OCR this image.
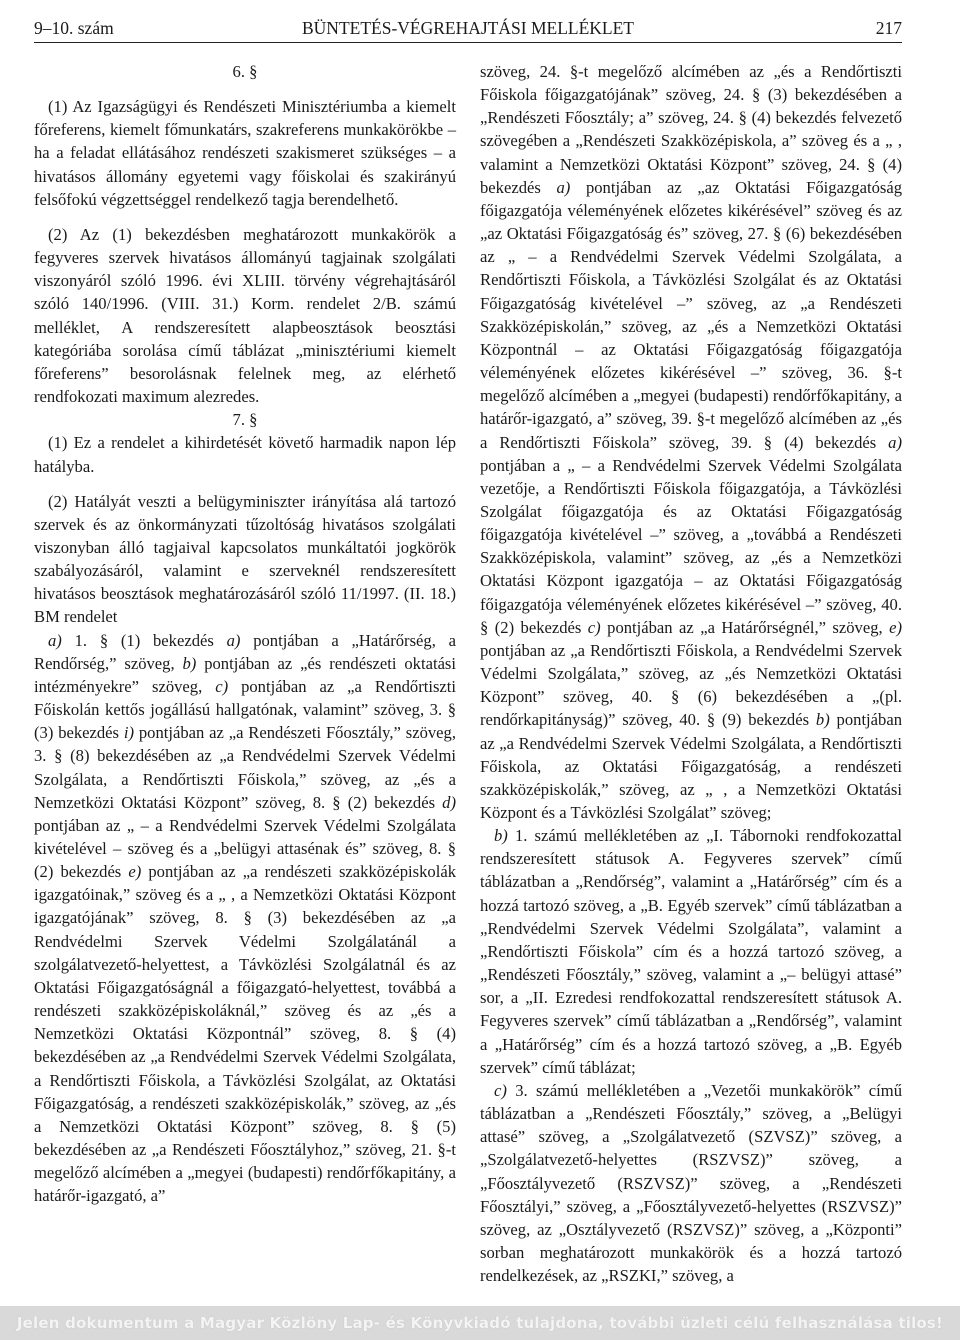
9–10. szám	BÜNTETÉS-VÉGREHAJTÁSI MELLÉKLET	217

6. §

(1) Az Igazságügyi és Rendészeti Minisztériumba a kiemelt főreferens, kiemelt főmunkatárs, szakreferens munkakörökbe – ha a feladat ellátásához rendészeti szakismeret szükséges – a hivatásos állomány egyetemi vagy főiskolai és szakirányú felsőfokú végzettséggel rendelkező tagja berendelhető.

(2) Az (1) bekezdésben meghatározott munkakörök a fegyveres szervek hivatásos állományú tagjainak szolgálati viszonyáról szóló 1996. évi XLIII. törvény végrehajtásáról szóló 140/1996. (VIII. 31.) Korm. rendelet 2/B. számú melléklet, A rendszeresített alapbeosztások beosztási kategóriába sorolása című táblázat „minisztériumi kiemelt főreferens” besorolásnak felelnek meg, az elérhető rendfokozati maximum alezredes.

7. §

(1) Ez a rendelet a kihirdetését követő harmadik napon lép hatályba.

(2) Hatályát veszti a belügyminiszter irányítása alá tartozó szervek és az önkormányzati tűzoltóság hivatásos szolgálati viszonyban álló tagjaival kapcsolatos munkáltatói jogkörök szabályozásáról, valamint e szerveknél rendszeresített hivatásos beosztások meghatározásáról szóló 11/1997. (II. 18.) BM rendelet

a) 1. § (1) bekezdés a) pontjában a „Határőrség, a Rendőrség,” szöveg, b) pontjában az „és rendészeti oktatási intézményekre” szöveg, c) pontjában az „a Rendőrtiszti Főiskolán kettős jogállású hallgatónak, valamint” szöveg, 3. § (3) bekezdés i) pontjában az „a Rendészeti Főosztály,” szöveg, 3. § (8) bekezdésében az „a Rendvédelmi Szervek Védelmi Szolgálata, a Rendőrtiszti Főiskola,” szöveg, az „és a Nemzetközi Oktatási Központ” szöveg, 8. § (2) bekezdés d) pontjában az „ – a Rendvédelmi Szervek Védelmi Szolgálata kivételével – szöveg és a „belügyi attasénak és” szöveg, 8. § (2) bekezdés e) pontjában az „a rendészeti szakközépiskolák igazgatóinak,” szöveg és a „ , a Nemzetközi Oktatási Központ igazgatójának” szöveg, 8. § (3) bekezdésében az „a Rendvédelmi Szervek Védelmi Szolgálatánál a szolgálatvezető-helyettest, a Távközlési Szolgálatnál és az Oktatási Főigazgatóságnál a főigazgató-helyettest, továbbá a rendészeti szakközépiskoláknál,” szöveg és az „és a Nemzetközi Oktatási Központnál” szöveg, 8. § (4) bekezdésében az „a Rendvédelmi Szervek Védelmi Szolgálata, a Rendőrtiszti Főiskola, a Távközlési Szolgálat, az Oktatási Főigazgatóság, a rendészeti szakközépiskolák,” szöveg, az „és a Nemzetközi Oktatási Központ” szöveg, 8. § (5) bekezdésében az „a Rendészeti Főosztályhoz,” szöveg, 21. §-t megelőző alcímében a „megyei (budapesti) rendőrfőkapitány, a határőr-igazgató, a”

szöveg, 24. §-t megelőző alcímében az „és a Rendőrtiszti Főiskola főigazgatójának” szöveg, 24. § (3) bekezdésében a „Rendészeti Főosztály; a” szöveg, 24. § (4) bekezdés felvezető szövegében a „Rendészeti Szakközépiskola, a” szöveg és a „ , valamint a Nemzetközi Oktatási Központ” szöveg, 24. § (4) bekezdés a) pontjában az „az Oktatási Főigazgatóság főigazgatója véleményének előzetes kikérésével” szöveg és az „az Oktatási Főigazgatóság és” szöveg, 27. § (6) bekezdésében az „ – a Rendvédelmi Szervek Védelmi Szolgálata, a Rendőrtiszti Főiskola, a Távközlési Szolgálat és az Oktatási Főigazgatóság kivételével –” szöveg, az „a Rendészeti Szakközépiskolán,” szöveg, az „és a Nemzetközi Oktatási Központnál – az Oktatási Főigazgatóság főigazgatója véleményének előzetes kikérésével –” szöveg, 36. §-t megelőző alcímében a „megyei (budapesti) rendőrfőkapitány, a határőr-igazgató, a” szöveg, 39. §-t megelőző alcímében az „és a Rendőrtiszti Főiskola” szöveg, 39. § (4) bekezdés a) pontjában a „ – a Rendvédelmi Szervek Védelmi Szolgálata vezetője, a Rendőrtiszti Főiskola főigazgatója, a Távközlési Szolgálat főigazgatója és az Oktatási Főigazgatóság főigazgatója kivételével –” szöveg, a „továbbá a Rendészeti Szakközépiskola, valamint” szöveg, az „és a Nemzetközi Oktatási Központ igazgatója – az Oktatási Főigazgatóság főigazgatója véleményének előzetes kikérésével –” szöveg, 40. § (2) bekezdés c) pontjában az „a Határőrségnél,” szöveg, e) pontjában az „a Rendőrtiszti Főiskola, a Rendvédelmi Szervek Védelmi Szolgálata,” szöveg, az „és Nemzetközi Oktatási Központ” szöveg, 40. § (6) bekezdésében a „(pl. rendőrkapitányság)” szöveg, 40. § (9) bekezdés b) pontjában az „a Rendvédelmi Szervek Védelmi Szolgálata, a Rendőrtiszti Főiskola, az Oktatási Főigazgatóság, a rendészeti szakközépiskolák,” szöveg, az „ , a Nemzetközi Oktatási Központ és a Távközlési Szolgálat” szöveg;

b) 1. számú mellékletében az „I. Tábornoki rendfokozattal rendszeresített státusok A. Fegyveres szervek” című táblázatban a „Rendőrség”, valamint a „Határőrség” cím és a hozzá tartozó szöveg, a „B. Egyéb szervek” című táblázatban a „Rendvédelmi Szervek Védelmi Szolgálata”, valamint a „Rendőrtiszti Főiskola” cím és a hozzá tartozó szöveg, a „Rendészeti Főosztály,” szöveg, valamint a „– belügyi attasé” sor, a „II. Ezredesi rendfokozattal rendszeresített státusok A. Fegyveres szervek” című táblázatban a „Rendőrség”, valamint a „Határőrség” cím és a hozzá tartozó szöveg, a „B. Egyéb szervek” című táblázat;

c) 3. számú mellékletében a „Vezetői munkakörök” című táblázatban a „Rendészeti Főosztály,” szöveg, a „Belügyi attasé” szöveg, a „Szolgálatvezető (SZVSZ)” szöveg, a „Szolgálatvezető-helyettes (RSZVSZ)” szöveg, a „Főosztályvezető (RSZVSZ)” szöveg, a „Rendészeti Főosztályi,” szöveg, a „Főosztályvezető-helyettes (RSZVSZ)” szöveg, az „Osztályvezető (RSZVSZ)” szöveg, a „Központi” sorban meghatározott munkakörök és a hozzá tartozó rendelkezések, az „RSZKI,” szöveg, a

Jelen dokumentum a Magyar Közlöny Lap- és Könyvkiadó tulajdona, további üzleti célú felhasználása tilos!
